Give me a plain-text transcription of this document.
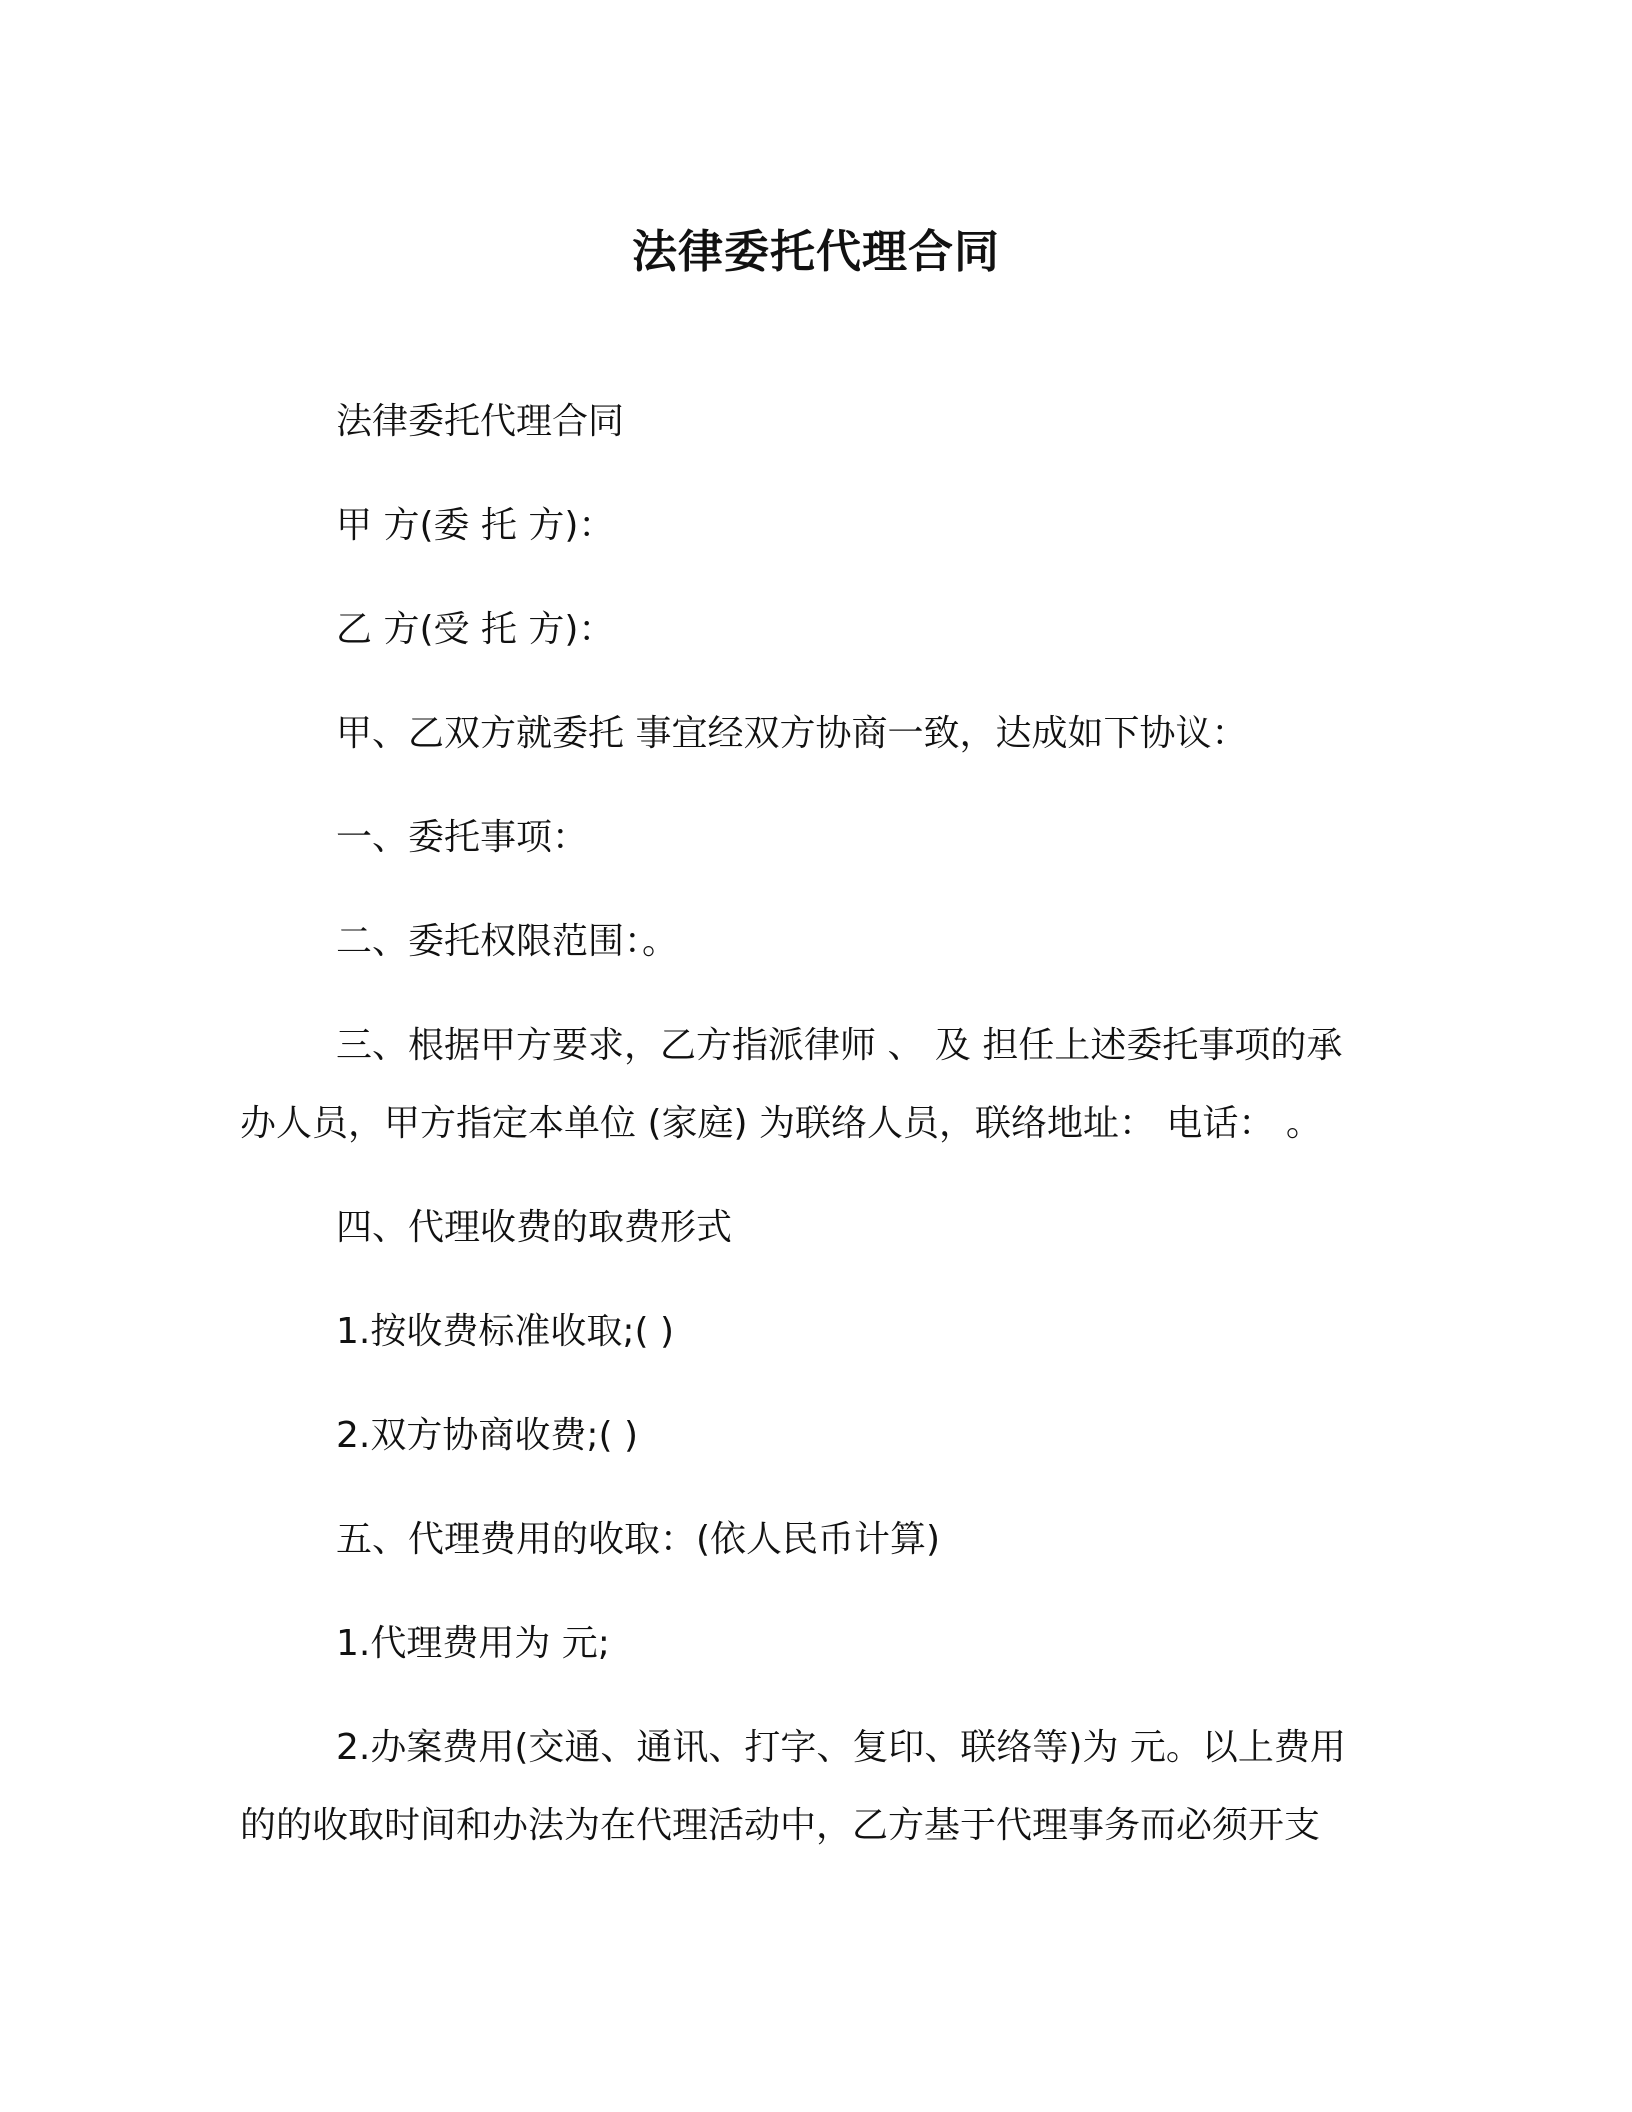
法律委托代理合同
法律委托代理合同
甲 方(委 托 方)：
乙 方(受 托 方)：
甲、乙双方就委托 事宜经双方协商一致，达成如下协议：
一、委托事项：
二、委托权限范围：。
三、根据甲方要求，乙方指派律师 、 及 担任上述委托事项的承
办人员，甲方指定本单位 (家庭) 为联络人员，联络地址： 电话： 。
四、代理收费的取费形式
1.按收费标准收取;( )
2.双方协商收费;( )
五、代理费用的收取：(依人民币计算)
1.代理费用为 元;
2.办案费用(交通、通讯、打字、复印、联络等)为 元。以上费用
的的收取时间和办法为在代理活动中，乙方基于代理事务而必须开支
